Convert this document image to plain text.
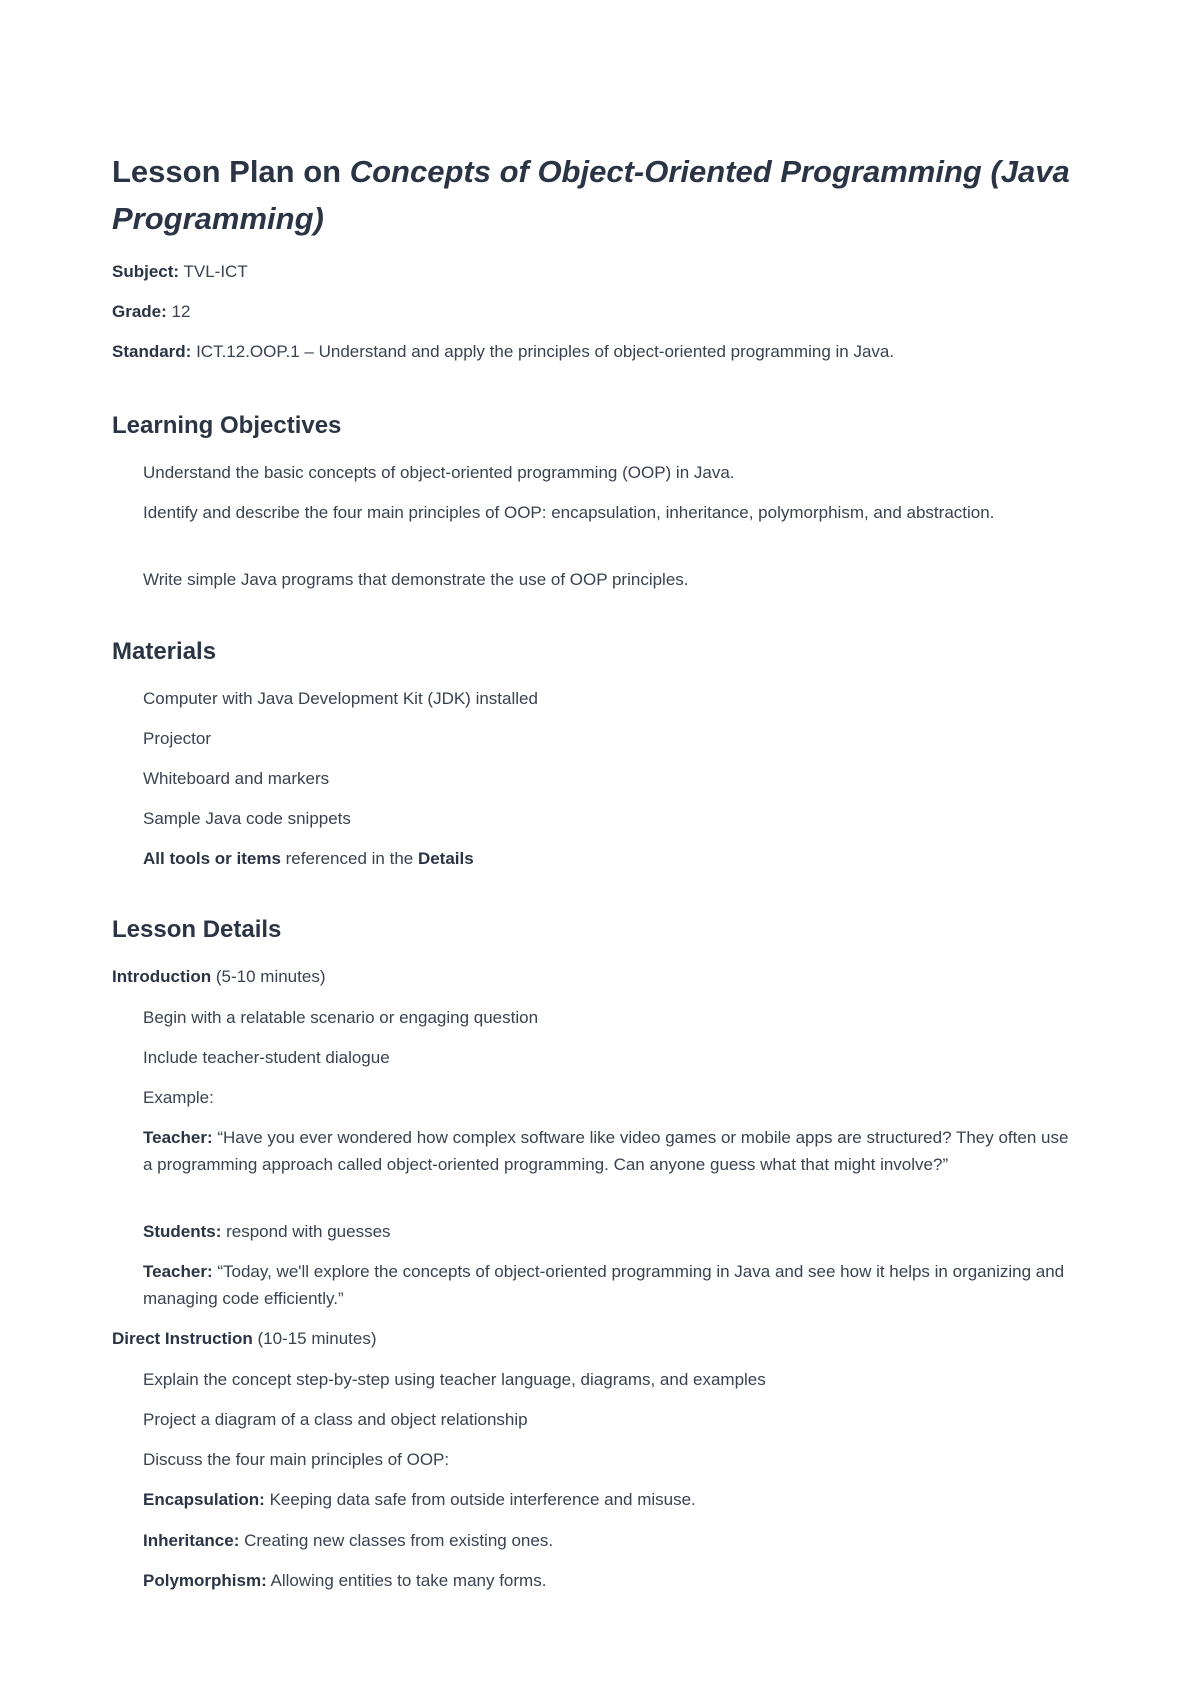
Lesson Plan on Concepts of Object-Oriented Programming (Java Programming)

Subject: TVL-ICT

Grade: 12

Standard: ICT.12.OOP.1 – Understand and apply the principles of object-oriented programming in Java.

Learning Objectives

Understand the basic concepts of object-oriented programming (OOP) in Java.

Identify and describe the four main principles of OOP: encapsulation, inheritance, polymorphism, and abstraction.

Write simple Java programs that demonstrate the use of OOP principles.

Materials

Computer with Java Development Kit (JDK) installed

Projector

Whiteboard and markers

Sample Java code snippets

All tools or items referenced in the Details

Lesson Details

Introduction (5-10 minutes)

Begin with a relatable scenario or engaging question

Include teacher-student dialogue

Example:

Teacher: “Have you ever wondered how complex software like video games or mobile apps are structured? They often use a programming approach called object-oriented programming. Can anyone guess what that might involve?”

Students: respond with guesses

Teacher: “Today, we'll explore the concepts of object-oriented programming in Java and see how it helps in organizing and managing code efficiently.”

Direct Instruction (10-15 minutes)

Explain the concept step-by-step using teacher language, diagrams, and examples

Project a diagram of a class and object relationship

Discuss the four main principles of OOP:

Encapsulation: Keeping data safe from outside interference and misuse.

Inheritance: Creating new classes from existing ones.

Polymorphism: Allowing entities to take many forms.
